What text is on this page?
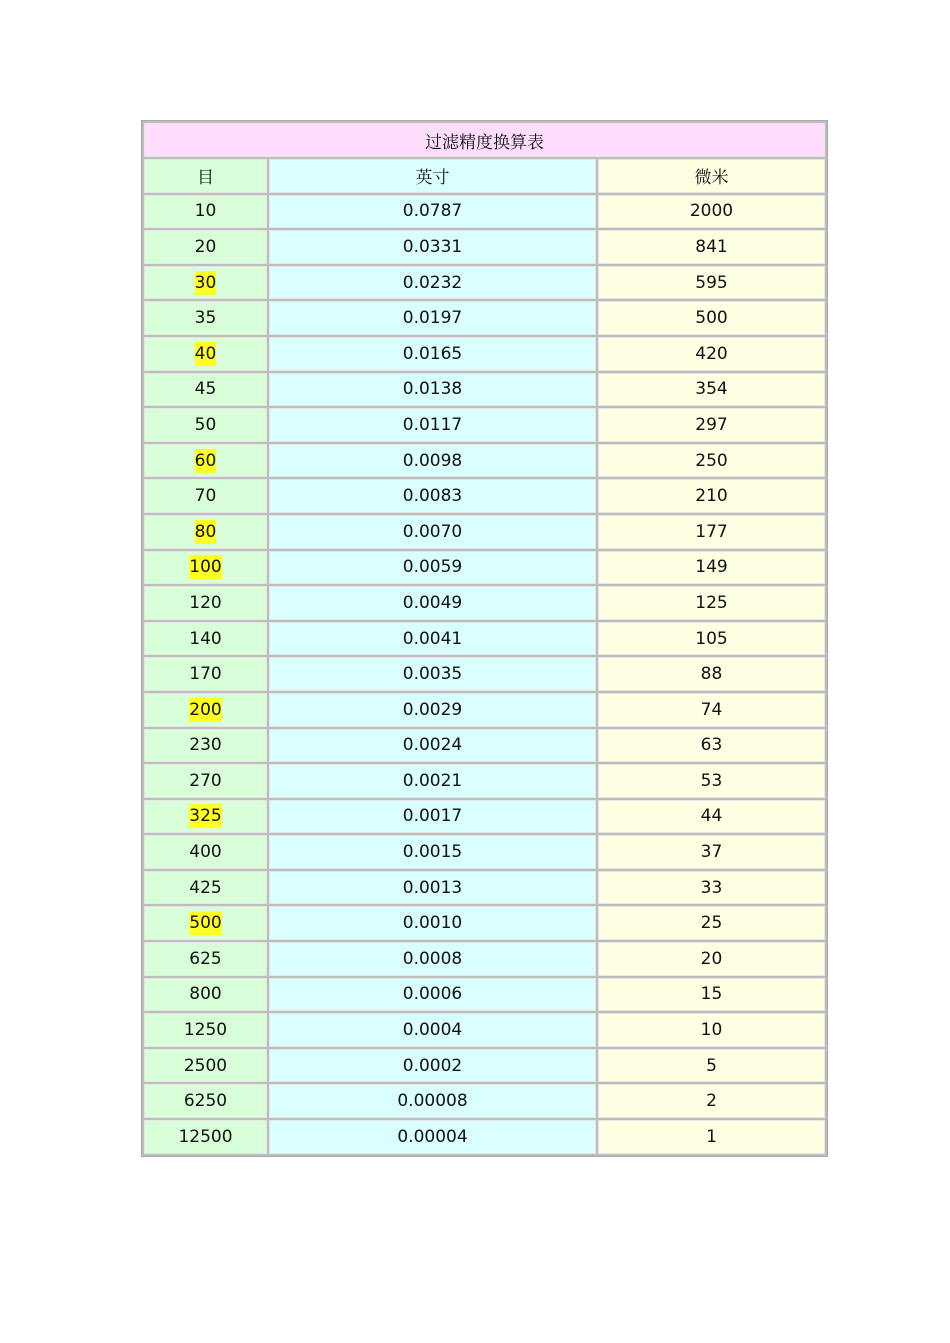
过滤精度换算表		
目	英寸	微米
10	0.0787	2000
20	0.0331	841
30	0.0232	595
35	0.0197	500
40	0.0165	420
45	0.0138	354
50	0.0117	297
60	0.0098	250
70	0.0083	210
80	0.0070	177
100	0.0059	149
120	0.0049	125
140	0.0041	105
170	0.0035	88
200	0.0029	74
230	0.0024	63
270	0.0021	53
325	0.0017	44
400	0.0015	37
425	0.0013	33
500	0.0010	25
625	0.0008	20
800	0.0006	15
1250	0.0004	10
2500	0.0002	5
6250	0.00008	2
12500	0.00004	1
